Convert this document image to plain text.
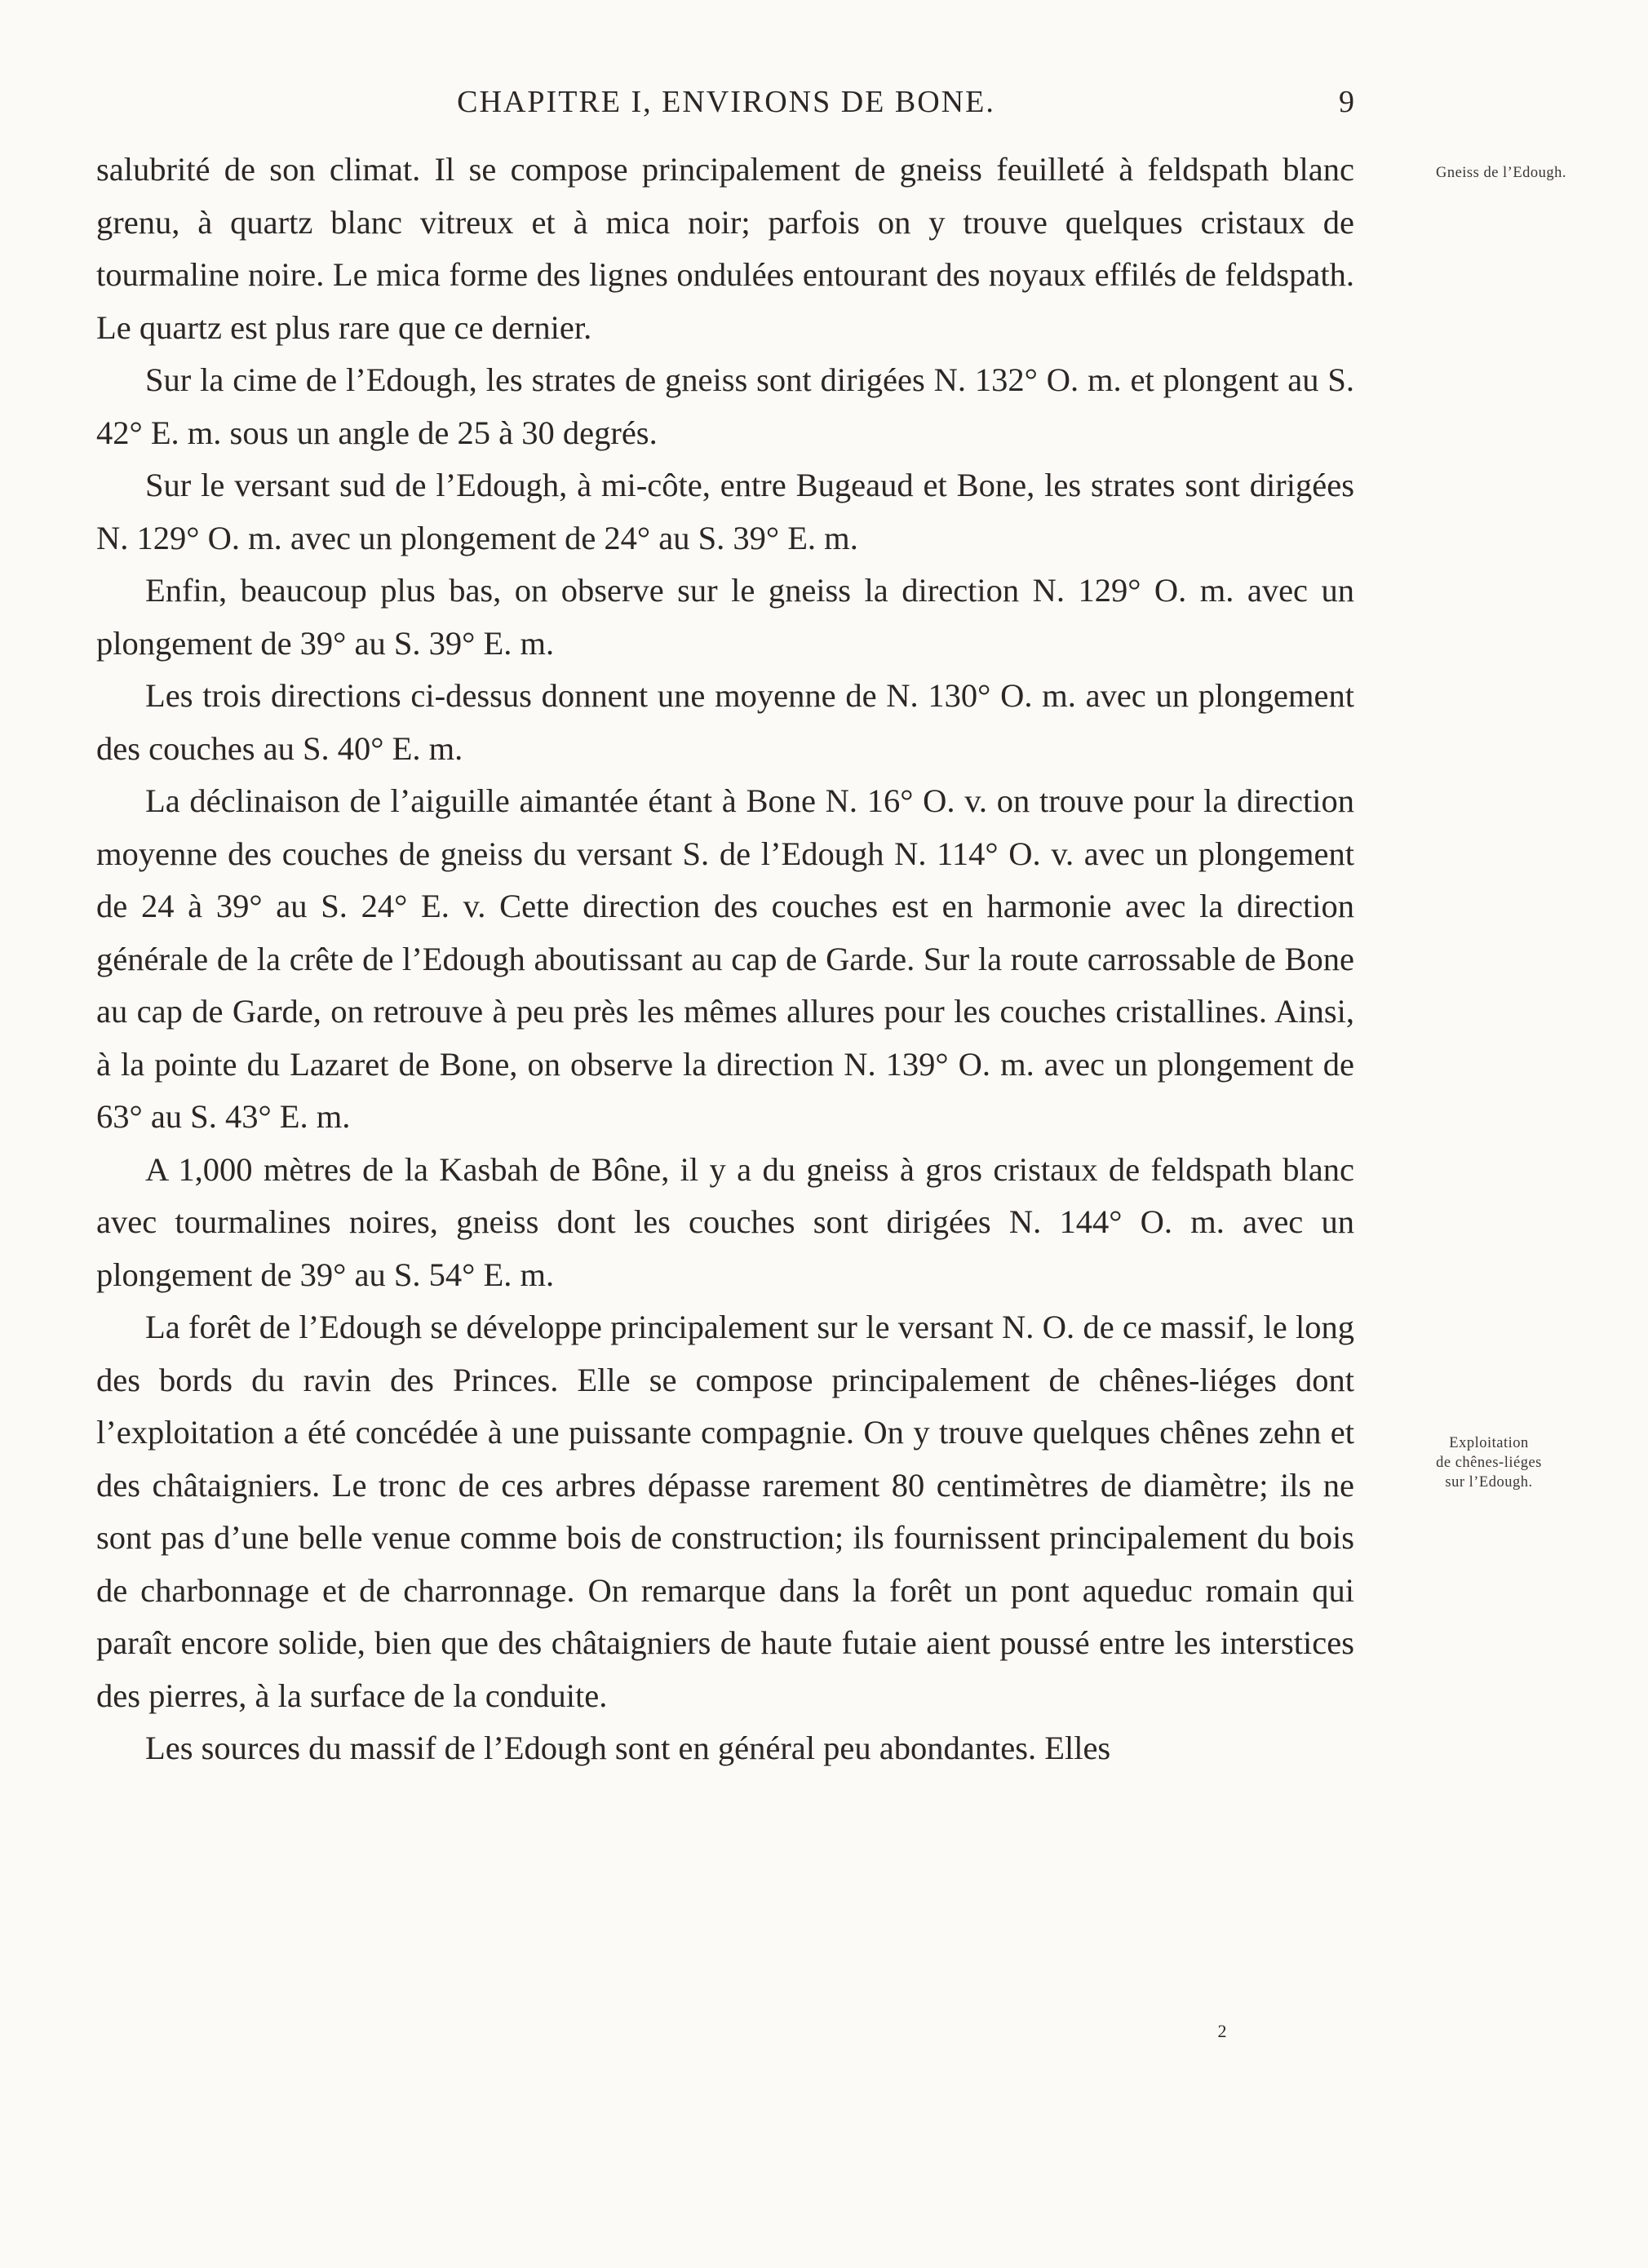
CHAPITRE I, ENVIRONS DE BONE.	9

salubrité de son climat. Il se compose principalement de gneiss feuilleté à feldspath blanc grenu, à quartz blanc vitreux et à mica noir; parfois on y trouve quelques cristaux de tourmaline noire. Le mica forme des lignes ondulées entourant des noyaux effilés de feldspath. Le quartz est plus rare que ce dernier.

Sur la cime de l’Edough, les strates de gneiss sont dirigées N. 132° O. m. et plongent au S. 42° E. m. sous un angle de 25 à 30 degrés.

Sur le versant sud de l’Edough, à mi-côte, entre Bugeaud et Bone, les strates sont dirigées N. 129° O. m. avec un plongement de 24° au S. 39° E. m.

Enfin, beaucoup plus bas, on observe sur le gneiss la direction N. 129° O. m. avec un plongement de 39° au S. 39° E. m.

Les trois directions ci-dessus donnent une moyenne de N. 130° O. m. avec un plongement des couches au S. 40° E. m.

La déclinaison de l’aiguille aimantée étant à Bone N. 16° O. v. on trouve pour la direction moyenne des couches de gneiss du versant S. de l’Edough N. 114° O. v. avec un plongement de 24 à 39° au S. 24° E. v. Cette direction des couches est en harmonie avec la direction générale de la crête de l’Edough aboutissant au cap de Garde. Sur la route carrossable de Bone au cap de Garde, on retrouve à peu près les mêmes allures pour les couches cristallines. Ainsi, à la pointe du Lazaret de Bone, on observe la direction N. 139° O. m. avec un plongement de 63° au S. 43° E. m.

A 1,000 mètres de la Kasbah de Bône, il y a du gneiss à gros cristaux de feldspath blanc avec tourmalines noires, gneiss dont les couches sont dirigées N. 144° O. m. avec un plongement de 39° au S. 54° E. m.

La forêt de l’Edough se développe principalement sur le versant N. O. de ce massif, le long des bords du ravin des Princes. Elle se compose principalement de chênes-liéges dont l’exploitation a été concédée à une puissante compagnie. On y trouve quelques chênes zehn et des châtaigniers. Le tronc de ces arbres dépasse rarement 80 centimètres de diamètre; ils ne sont pas d’une belle venue comme bois de construction; ils fournissent principalement du bois de charbonnage et de charronnage. On remarque dans la forêt un pont aqueduc romain qui paraît encore solide, bien que des châtaigniers de haute futaie aient poussé entre les interstices des pierres, à la surface de la conduite.

Les sources du massif de l’Edough sont en général peu abondantes. Elles

Gneiss de l’Edough.
Exploitation
de chênes-liéges
sur l’Edough.
2
